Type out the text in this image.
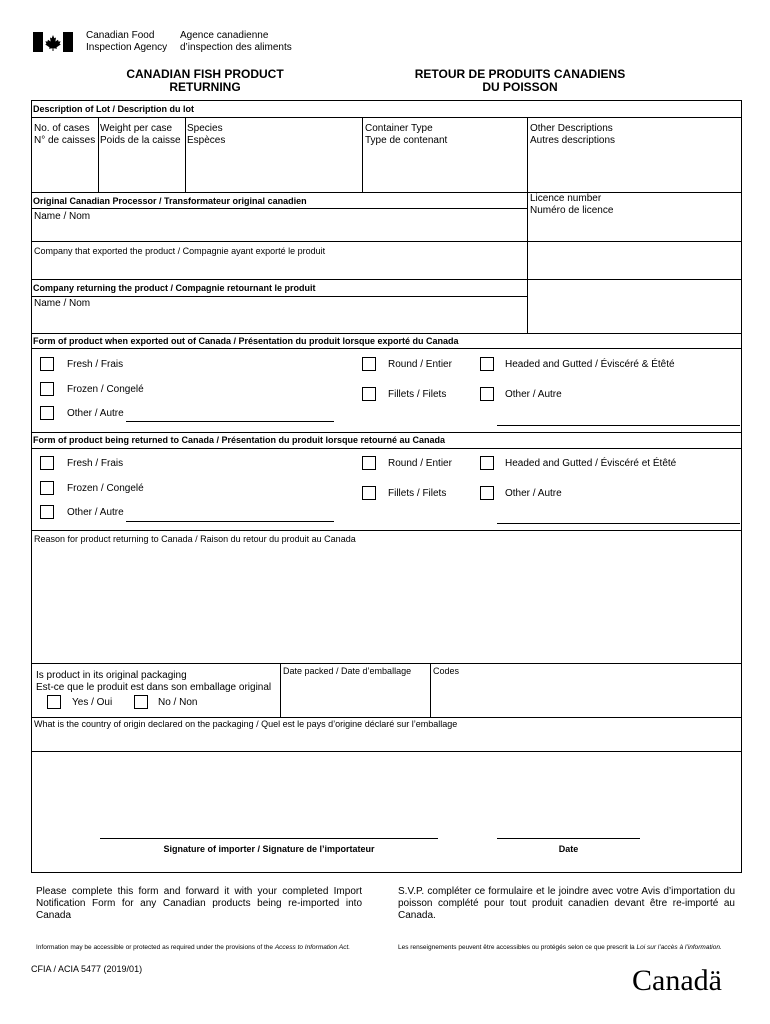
Canadian Food
Inspection Agency
Agence canadienne
d’inspection des aliments
CANADIAN FISH PRODUCT
RETURNING
RETOUR DE PRODUITS CANADIENS
DU POISSON
Description of Lot / Description du lot
No. of cases
N° de caisses
Weight per case
Poids de la caisse
Species
Espèces
Container Type
Type de contenant
Other Descriptions
Autres descriptions
Original Canadian Processor / Transformateur original canadien	Licence number
Numéro de licence
Name / Nom
Company that exported the product / Compagnie ayant exporté le produit
Company returning the product / Compagnie retournant le produit
Name / Nom
Form of product when exported out of Canada / Présentation du produit lorsque exporté du Canada
Fresh / Frais
Frozen / Congelé
Other / Autre
Round / Entier
Fillets / Filets
Headed and Gutted / Éviscéré & Étêté
Other / Autre
Form of product being returned to Canada / Présentation du produit lorsque retourné au Canada
Fresh / Frais
Frozen / Congelé
Other / Autre
Round / Entier
Fillets / Filets
Headed and Gutted / Éviscéré et Étêté
Other / Autre
Reason for product returning to Canada / Raison du retour du produit au Canada
Is product in its original packaging
Est-ce que le produit est dans son emballage original
Yes / Oui	No / Non
Date packed / Date d’emballage Codes
What is the country of origin declared on the packaging / Quel est le pays d’origine déclaré sur l’emballage
Signature of importer / Signature de l’importateur	Date
Please complete this form and forward it with your completed Import Notification Form for any Canadian products being re-imported into Canada
S.V.P. compléter ce formulaire et le joindre avec votre Avis d’importation du poisson complété pour tout produit canadien devant être re-importé au Canada.
Information may be accessible or protected as required under the provisions of the Access to Information Act.	Les renseignements peuvent être accessibles ou protégés selon ce que prescrit la Loi sur l’accès à l’information.
CFIA / ACIA 5477 (2019/01)	Canadä
